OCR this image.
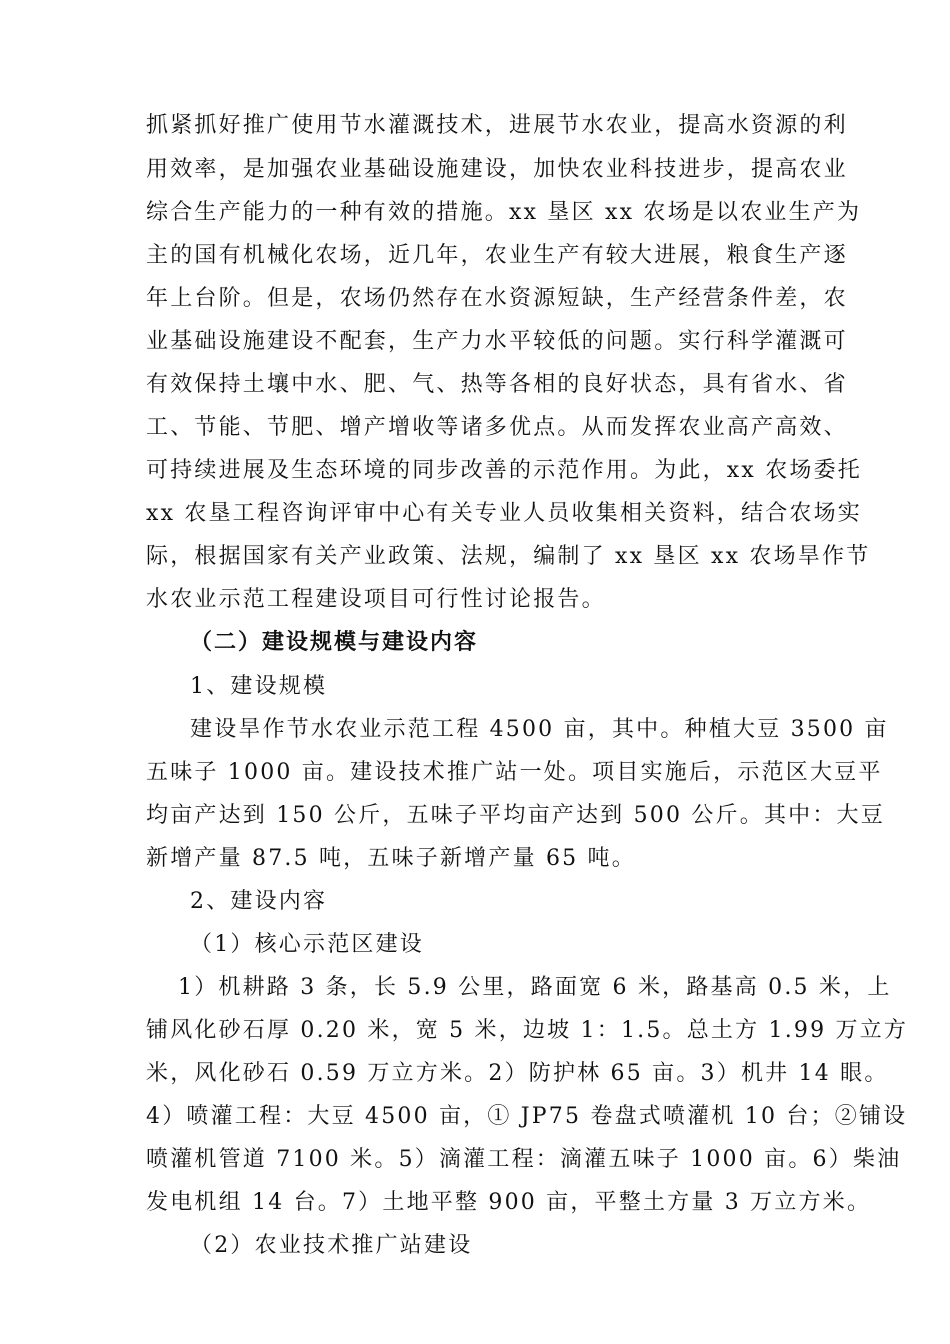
抓紧抓好推广使用节水灌溉技术，进展节水农业，提高水资源的利
用效率，是加强农业基础设施建设，加快农业科技进步，提高农业
综合生产能力的一种有效的措施。xx 垦区 xx 农场是以农业生产为
主的国有机械化农场，近几年，农业生产有较大进展，粮食生产逐
年上台阶。但是，农场仍然存在水资源短缺，生产经营条件差，农
业基础设施建设不配套，生产力水平较低的问题。实行科学灌溉可
有效保持土壤中水、肥、气、热等各相的良好状态，具有省水、省
工、节能、节肥、增产增收等诸多优点。从而发挥农业高产高效、
可持续进展及生态环境的同步改善的示范作用。为此，xx 农场委托
xx 农垦工程咨询评审中心有关专业人员收集相关资料，结合农场实
际，根据国家有关产业政策、法规，编制了 xx 垦区 xx 农场旱作节
水农业示范工程建设项目可行性讨论报告。
（二）建设规模与建设内容
1、建设规模
建设旱作节水农业示范工程 4500 亩，其中。种植大豆 3500 亩
五味子 1000 亩。建设技术推广站一处。项目实施后，示范区大豆平
均亩产达到 150 公斤，五味子平均亩产达到 500 公斤。其中：大豆
新增产量 87.5 吨，五味子新增产量 65 吨。
2、建设内容
（1）核心示范区建设
1）机耕路 3 条，长 5.9 公里，路面宽 6 米，路基高 0.5 米，上
铺风化砂石厚 0.20 米，宽 5 米，边坡 1：1.5。总土方 1.99 万立方
米，风化砂石 0.59 万立方米。2）防护林 65 亩。3）机井 14 眼。
4）喷灌工程：大豆 4500 亩，① JP75 卷盘式喷灌机 10 台；②铺设
喷灌机管道 7100 米。5）滴灌工程：滴灌五味子 1000 亩。6）柴油
发电机组 14 台。7）土地平整 900 亩，平整土方量 3 万立方米。
（2）农业技术推广站建设
